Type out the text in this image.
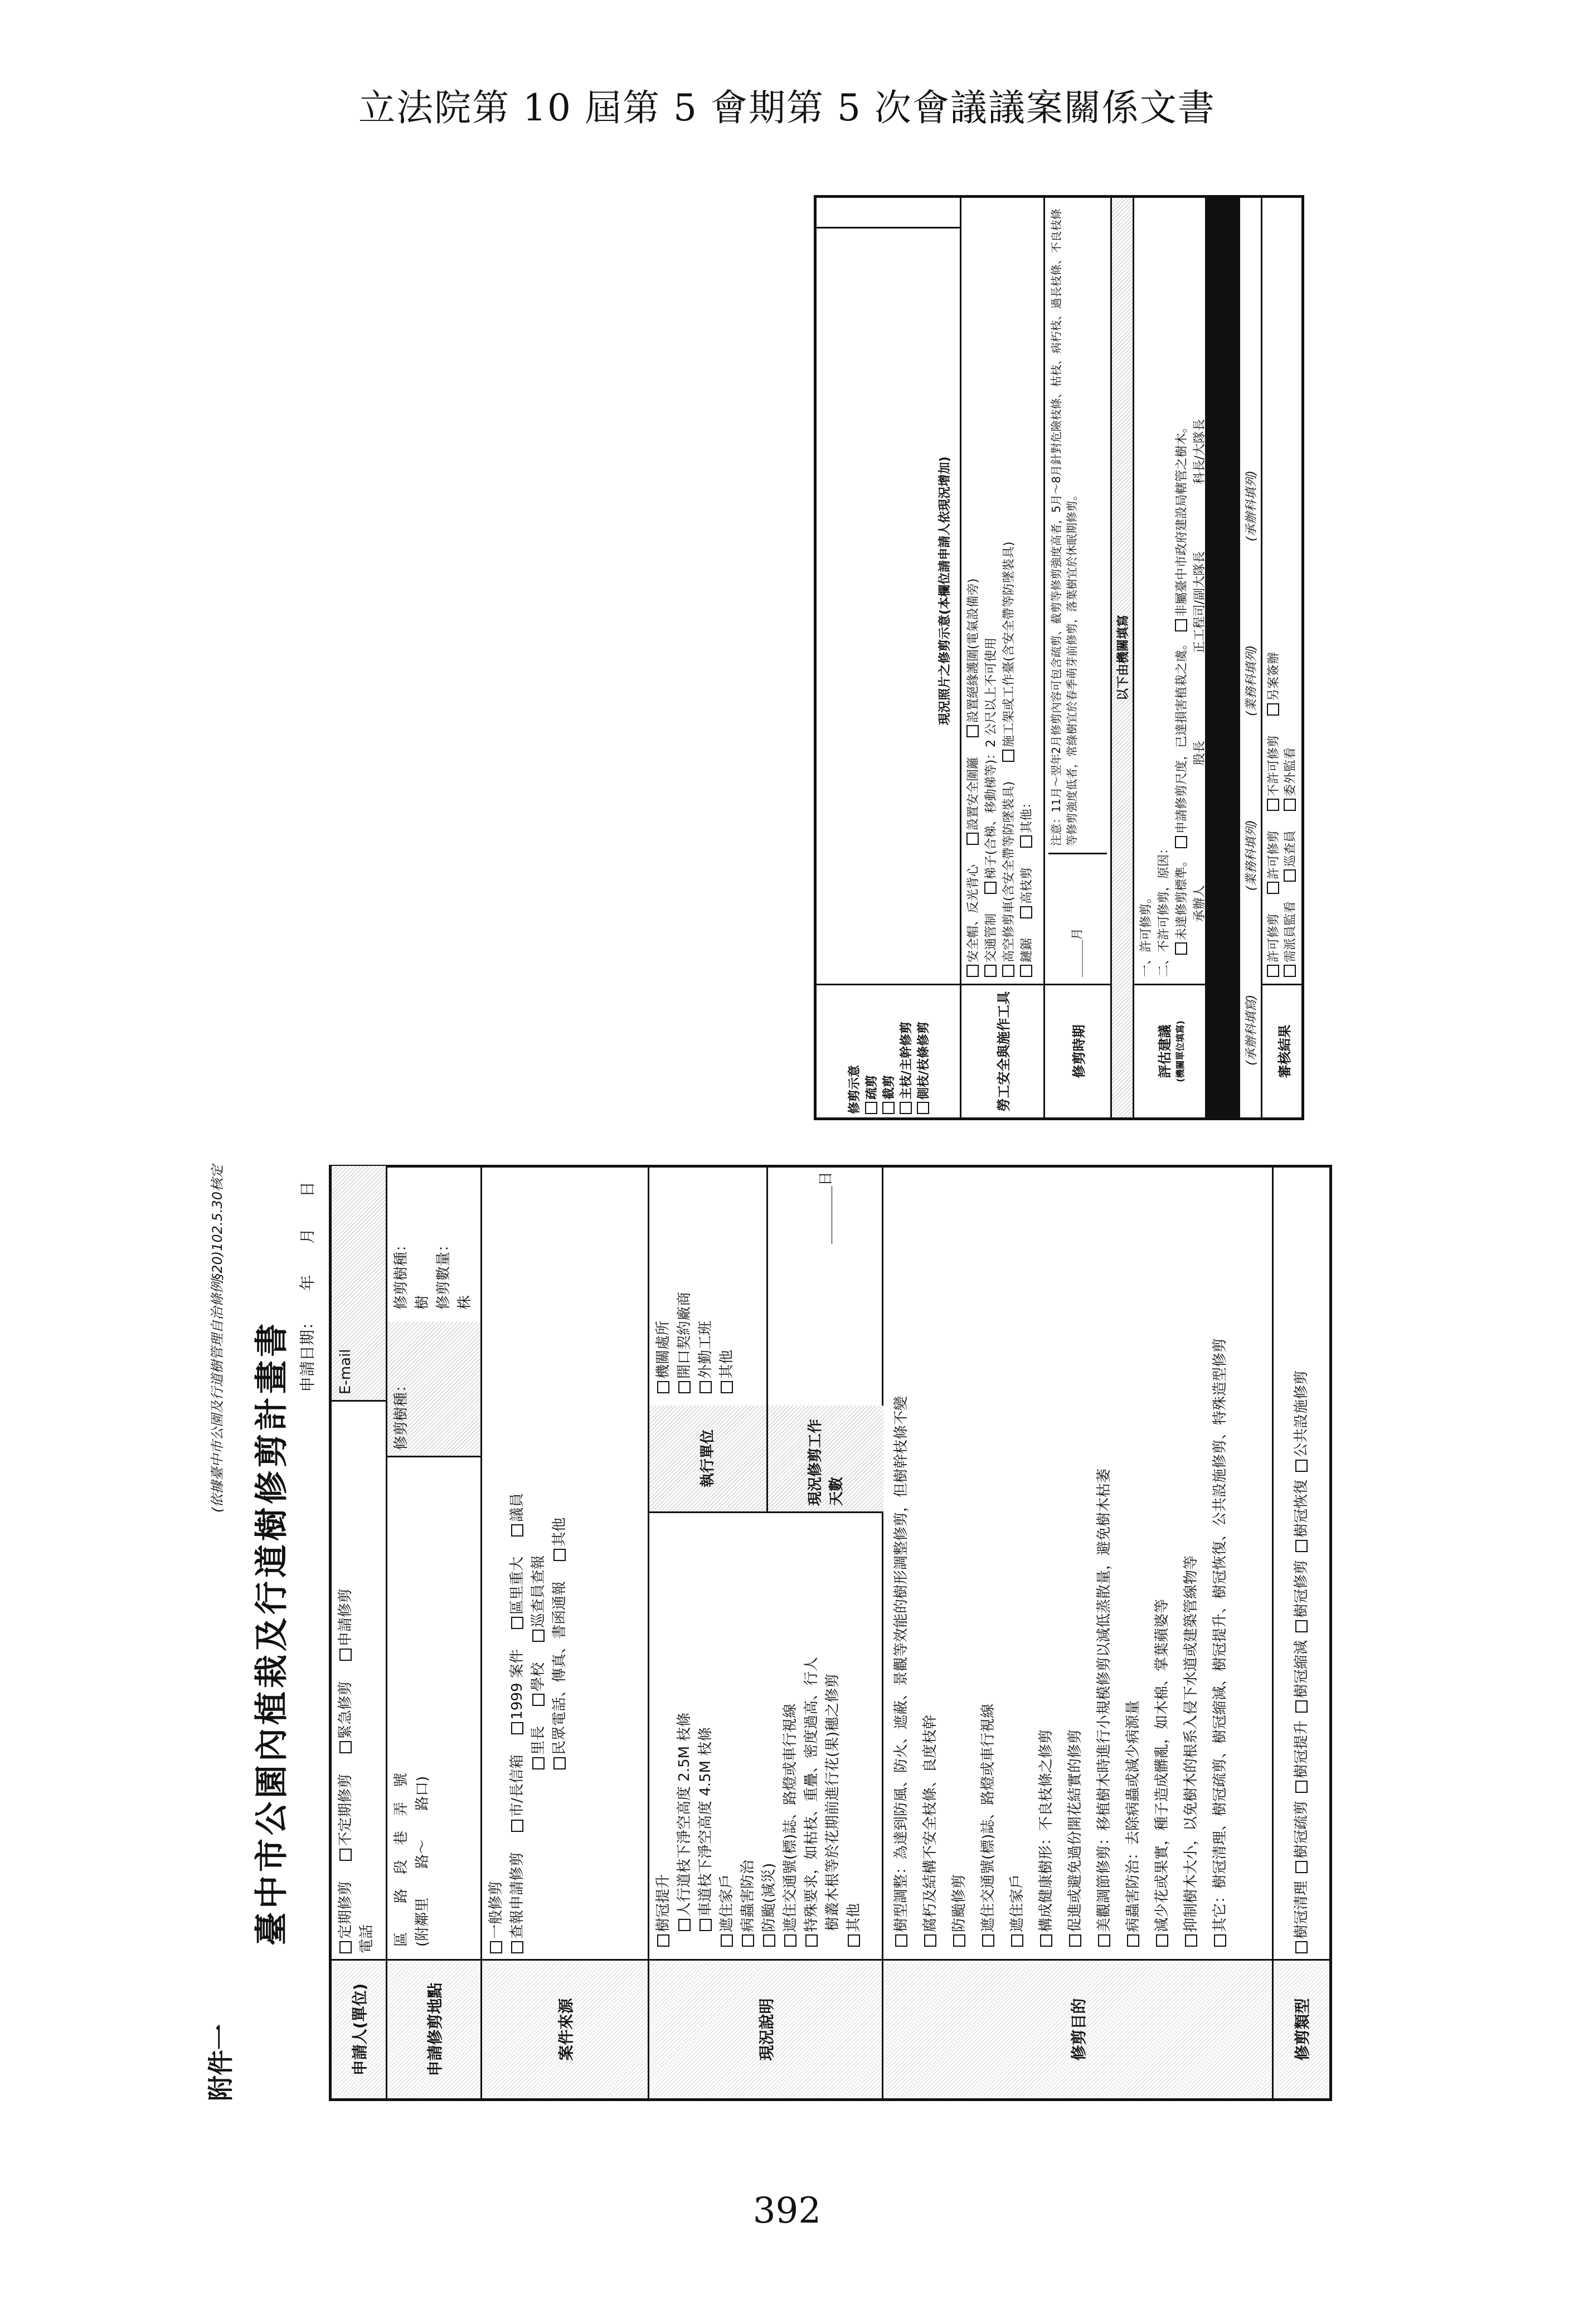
立法院第 10 屆第 5 會期第 5 次會議議案關係文書
附件一
(依據臺中市公園及行道樹管理自治條例§20)102.5.30核定 臺中市公園內植栽及行道樹修剪計畫書
申請日期：　　年　　月　　日
申請人(單位)
定期修剪 不定期修剪 緊急修剪 申請修剪
電話
E-mail
申請修剪地點
區　　路　段　巷　弄　號 (附鄰里　　路～　　路口)
修剪樹種：
修剪樹種：　　　　　　　　樹 修剪數量：　　　　　　　　株
案件來源
一般修剪 查報申請修剪 市/長信箱 1999 案件 區里重大 議員
里長 學校 巡查員查報 民眾電話、傳真、書函通報 其他
現況說明
樹冠提升 人行道枝下淨空高度 2.5M 枝條 車道枝下淨空高度 4.5M 枝條 遮住家戶 病蟲害防治 防颱(減災) 遮住交通號(標)誌、路燈或車行視線 特殊要求，如枯枝、重疊、密度過高、行人 樹叢木根等於花期前進行花(果)穗之修剪 其他
執行單位
機關處所 開口契約廠商 外勤工班 其他
現況修剪工作天數
＿＿＿＿
日
修剪目的
樹型調整：為達到防風、防火、遮蔽、景觀等效能的樹形調整修剪，但樹幹枝條不變 腐朽及結構不安全枝條、良度枝幹 防颱修剪 遮住交通號(標)誌、路燈或車行視線 遮住家戶 構成健康樹形：不良枝條之修剪 促進或避免過份開花結實的修剪 美觀調節修剪：移植樹木時進行小規模修剪以減低蒸散量，避免樹木枯萎 病蟲害防治：去除病蟲或減少病源量 減少花或果實，種子造成髒亂，如木棉、掌葉蘋婆等 抑制樹木大小，以免樹木的根系入侵下水道或建築管線物等 其它：樹冠清理、樹冠疏剪、樹冠縮減、樹冠提升、樹冠恢復、公共設施修剪、特殊造型修剪
修剪類型
樹冠清理
樹冠疏剪
樹冠提升
樹冠縮減
樹冠修剪
樹冠恢復
公共設施修剪
修剪示意 疏剪 截剪 主枝/主幹修剪 側枝/枝條修剪
現況照片之修剪示意(本欄位請申請人依現況增加)
勞工安全與施作工具
安全帽、反光背心 設置安全圍籬 設置絕緣護圍(電氣設備旁)
交通管制 梯子(合梯、移動梯等)：2 公尺以上不可使用 高空修剪車(含安全帶等防墜裝具) 施工架或工作臺(含安全帶等防墜裝具)
鏈鋸 高枝剪 其他：
修剪時期
＿＿＿
月
注意：11月～翌年2月修剪內容可包含疏剪、截剪等修剪強度高者，5月～8月針對危險枝條、枯枝、病朽枝、過長枝條、不良枝條等修剪強度低者，常綠樹宜於春季萌芽前修剪，落葉樹宜於休眠期修剪。	以下由機關填寫
評估建議 (機關單位填寫)
一、許可修剪。 二、不許可修剪，原因： 未達修剪標準。　申請修剪尺度，已達損害植栽之虞。　非屬臺中市政府建設局轄管之樹木。
承辦人 股長 正工程司/副大隊長 科長/大隊長
(承辦科填寫)
(業務科填列)
(業務科填列)
(承辦科填列)
審核結果
許可修剪 許可修剪 不許可修剪 另案簽辦
需派員監看 巡查員 委外監看
392
